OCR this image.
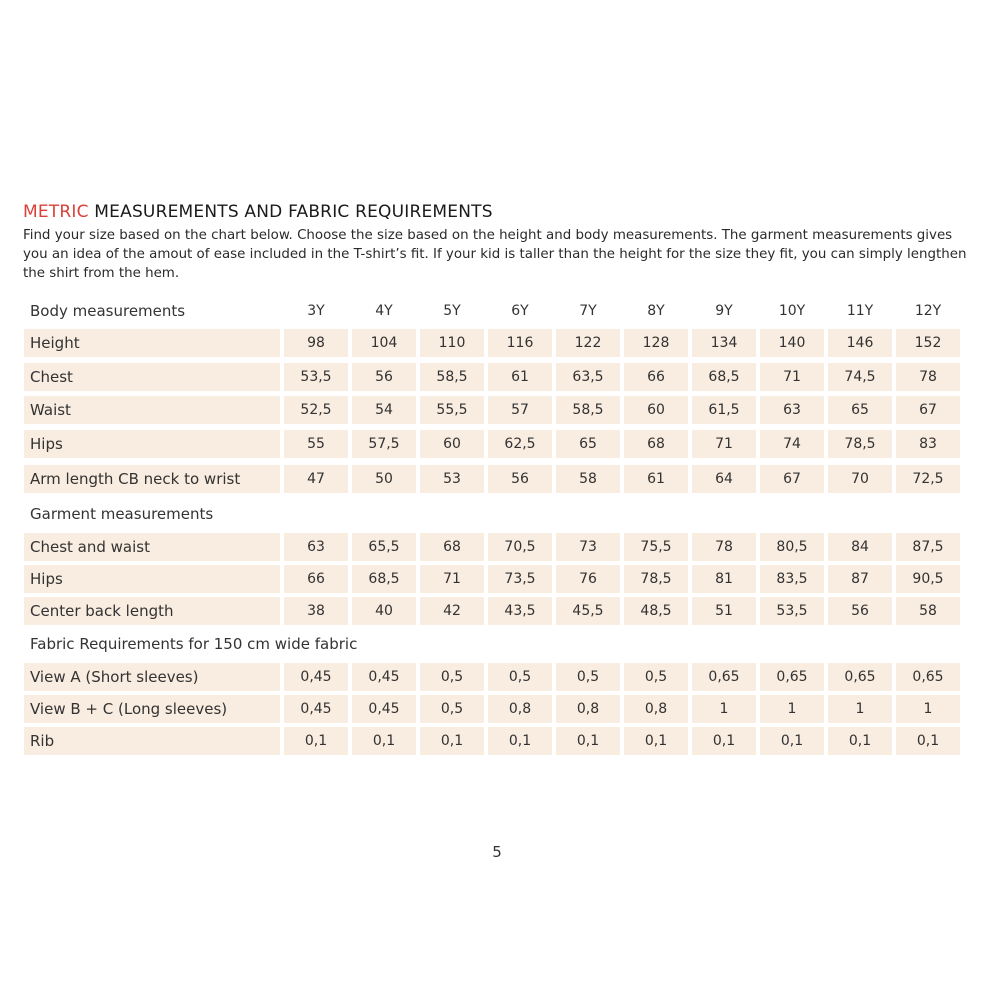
METRIC MEASUREMENTS AND FABRIC REQUIREMENTS
Find your size based on the chart below. Choose the size based on the height and body measurements. The garment measurements gives you an idea of the amout of ease included in the T-shirt’s fit. If your kid is taller than the height for the size they fit, you can simply lengthen the shirt from the hem.
Body measurements	3Y	4Y	5Y	6Y	7Y	8Y	9Y	10Y	11Y	12Y
Height	98	104	110	116	122	128	134	140	146	152
Chest	53,5	56	58,5	61	63,5	66	68,5	71	74,5	78
Waist	52,5	54	55,5	57	58,5	60	61,5	63	65	67
Hips	55	57,5	60	62,5	65	68	71	74	78,5	83
Arm length CB neck to wrist	47	50	53	56	58	61	64	67	70	72,5
Garment measurements
Chest and waist	63	65,5	68	70,5	73	75,5	78	80,5	84	87,5
Hips	66	68,5	71	73,5	76	78,5	81	83,5	87	90,5
Center back length	38	40	42	43,5	45,5	48,5	51	53,5	56	58
Fabric Requirements for 150 cm wide fabric
View A (Short sleeves)	0,45	0,45	0,5	0,5	0,5	0,5	0,65	0,65	0,65	0,65
View B + C (Long sleeves)	0,45	0,45	0,5	0,8	0,8	0,8	1	1	1	1
Rib	0,1	0,1	0,1	0,1	0,1	0,1	0,1	0,1	0,1	0,1
5
